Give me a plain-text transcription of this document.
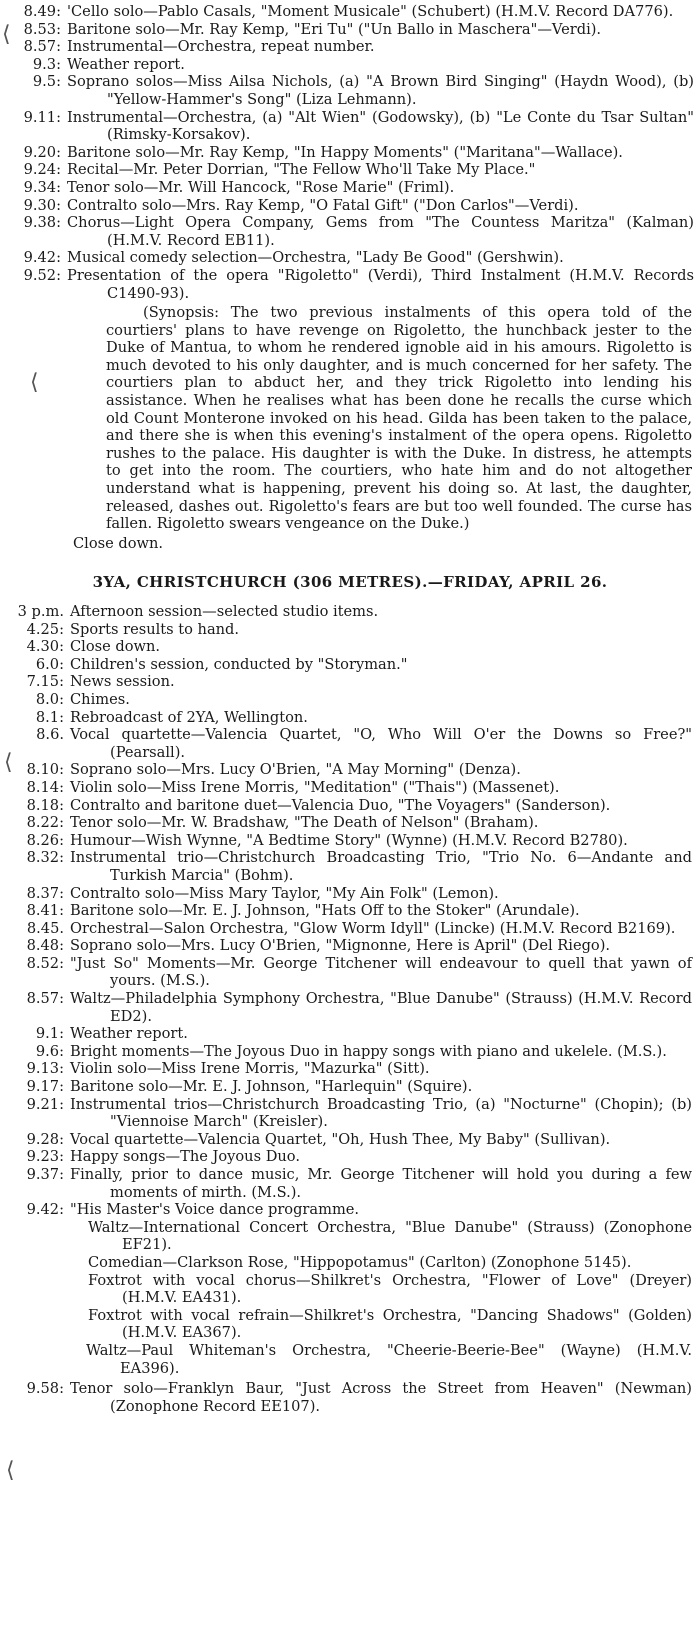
8.49: 'Cello solo—Pablo Casals, "Moment Musicale" (Schubert) (H.M.V. Record DA776).
8.53: Baritone solo—Mr. Ray Kemp, "Eri Tu" ("Un Ballo in Maschera"—Verdi).
8.57: Instrumental—Orchestra, repeat number.
9.3: Weather report.
9.5: Soprano solos—Miss Ailsa Nichols, (a) "A Brown Bird Singing" (Haydn Wood), (b) "Yellow-Hammer's Song" (Liza Lehmann).
9.11: Instrumental—Orchestra, (a) "Alt Wien" (Godowsky), (b) "Le Conte du Tsar Sultan" (Rimsky-Korsakov).
9.20: Baritone solo—Mr. Ray Kemp, "In Happy Moments" ("Maritana"—Wallace).
9.24: Recital—Mr. Peter Dorrian, "The Fellow Who'll Take My Place."
9.34: Tenor solo—Mr. Will Hancock, "Rose Marie" (Friml).
9.30: Contralto solo—Mrs. Ray Kemp, "O Fatal Gift" ("Don Carlos"—Verdi).
9.38: Chorus—Light Opera Company, Gems from "The Countess Maritza" (Kalman) (H.M.V. Record EB11).
9.42: Musical comedy selection—Orchestra, "Lady Be Good" (Gershwin).
9.52: Presentation of the opera "Rigoletto" (Verdi), Third Instalment (H.M.V. Records C1490-93).

(Synopsis: The two previous instalments of this opera told of the courtiers' plans to have revenge on Rigoletto, the hunchback jester to the Duke of Mantua, to whom he rendered ignoble aid in his amours. Rigoletto is much devoted to his only daughter, and is much concerned for her safety. The courtiers plan to abduct her, and they trick Rigoletto into lending his assistance. When he realises what has been done he recalls the curse which old Count Monterone invoked on his head. Gilda has been taken to the palace, and there she is when this evening's instalment of the opera opens. Rigoletto rushes to the palace. His daughter is with the Duke. In distress, he attempts to get into the room. The courtiers, who hate him and do not altogether understand what is happening, prevent his doing so. At last, the daughter, released, dashes out. Rigoletto's fears are but too well founded. The curse has fallen. Rigoletto swears vengeance on the Duke.)

Close down.
3YA, CHRISTCHURCH (306 METRES).—FRIDAY, APRIL 26.
3 p.m. Afternoon session—selected studio items.
4.25: Sports results to hand.
4.30: Close down.
6.0: Children's session, conducted by "Storyman."
7.15: News session.
8.0: Chimes.
8.1: Rebroadcast of 2YA, Wellington.
8.6. Vocal quartette—Valencia Quartet, "O, Who Will O'er the Downs so Free?" (Pearsall).
8.10: Soprano solo—Mrs. Lucy O'Brien, "A May Morning" (Denza).
8.14: Violin solo—Miss Irene Morris, "Meditation" ("Thais") (Massenet).
8.18: Contralto and baritone duet—Valencia Duo, "The Voyagers" (Sanderson).
8.22: Tenor solo—Mr. W. Bradshaw, "The Death of Nelson" (Braham).
8.26: Humour—Wish Wynne, "A Bedtime Story" (Wynne) (H.M.V. Record B2780).
8.32: Instrumental trio—Christchurch Broadcasting Trio, "Trio No. 6—Andante and Turkish Marcia" (Bohm).
8.37: Contralto solo—Miss Mary Taylor, "My Ain Folk" (Lemon).
8.41: Baritone solo—Mr. E. J. Johnson, "Hats Off to the Stoker" (Arundale).
8.45. Orchestral—Salon Orchestra, "Glow Worm Idyll" (Lincke) (H.M.V. Record B2169).
8.48: Soprano solo—Mrs. Lucy O'Brien, "Mignonne, Here is April" (Del Riego).
8.52: "Just So" Moments—Mr. George Titchener will endeavour to quell that yawn of yours. (M.S.).
8.57: Waltz—Philadelphia Symphony Orchestra, "Blue Danube" (Strauss) (H.M.V. Record ED2).
9.1: Weather report.
9.6: Bright moments—The Joyous Duo in happy songs with piano and ukelele. (M.S.).
9.13: Violin solo—Miss Irene Morris, "Mazurka" (Sitt).
9.17: Baritone solo—Mr. E. J. Johnson, "Harlequin" (Squire).
9.21: Instrumental trios—Christchurch Broadcasting Trio, (a) "Nocturne" (Chopin); (b) "Viennoise March" (Kreisler).
9.28: Vocal quartette—Valencia Quartet, "Oh, Hush Thee, My Baby" (Sullivan).
9.23: Happy songs—The Joyous Duo.
9.37: Finally, prior to dance music, Mr. George Titchener will hold you during a few moments of mirth. (M.S.).
9.42: "His Master's Voice dance programme.
Waltz—International Concert Orchestra, "Blue Danube" (Strauss) (Zonophone EF21).
Comedian—Clarkson Rose, "Hippopotamus" (Carlton) (Zonophone 5145).
Foxtrot with vocal chorus—Shilkret's Orchestra, "Flower of Love" (Dreyer) (H.M.V. EA431).
Foxtrot with vocal refrain—Shilkret's Orchestra, "Dancing Shadows" (Golden) (H.M.V. EA367).
Waltz—Paul Whiteman's Orchestra, "Cheerie-Beerie-Bee" (Wayne) (H.M.V. EA396).
9.58: Tenor solo—Franklyn Baur, "Just Across the Street from Heaven" (Newman) (Zonophone Record EE107).
⟨
⟨
⟨
⟨
